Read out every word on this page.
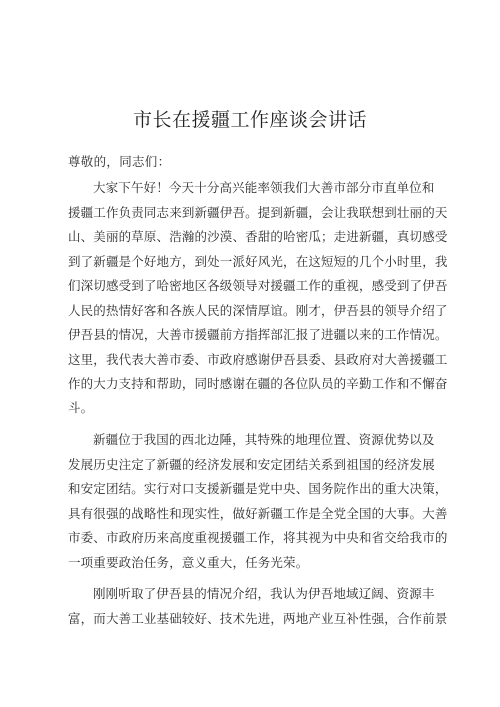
市长在援疆工作座谈会讲话
尊敬的，同志们：
大家下午好！今天十分高兴能率领我们大善市部分市直单位和
援疆工作负责同志来到新疆伊吾。提到新疆，会让我联想到壮丽的天
山、美丽的草原、浩瀚的沙漠、香甜的哈密瓜；走进新疆，真切感受
到了新疆是个好地方，到处一派好风光，在这短短的几个小时里，我
们深切感受到了哈密地区各级领导对援疆工作的重视，感受到了伊吾
人民的热情好客和各族人民的深情厚谊。刚才，伊吾县的领导介绍了
伊吾县的情况，大善市援疆前方指挥部汇报了进疆以来的工作情况。
这里，我代表大善市委、市政府感谢伊吾县委、县政府对大善援疆工
作的大力支持和帮助，同时感谢在疆的各位队员的辛勤工作和不懈奋
斗。
新疆位于我国的西北边陲，其特殊的地理位置、资源优势以及
发展历史注定了新疆的经济发展和安定团结关系到祖国的经济发展
和安定团结。实行对口支援新疆是党中央、国务院作出的重大决策，
具有很强的战略性和现实性，做好新疆工作是全党全国的大事。大善
市委、市政府历来高度重视援疆工作，将其视为中央和省交给我市的
一项重要政治任务，意义重大，任务光荣。
刚刚听取了伊吾县的情况介绍，我认为伊吾地域辽阔、资源丰
富，而大善工业基础较好、技术先进，两地产业互补性强，合作前景
